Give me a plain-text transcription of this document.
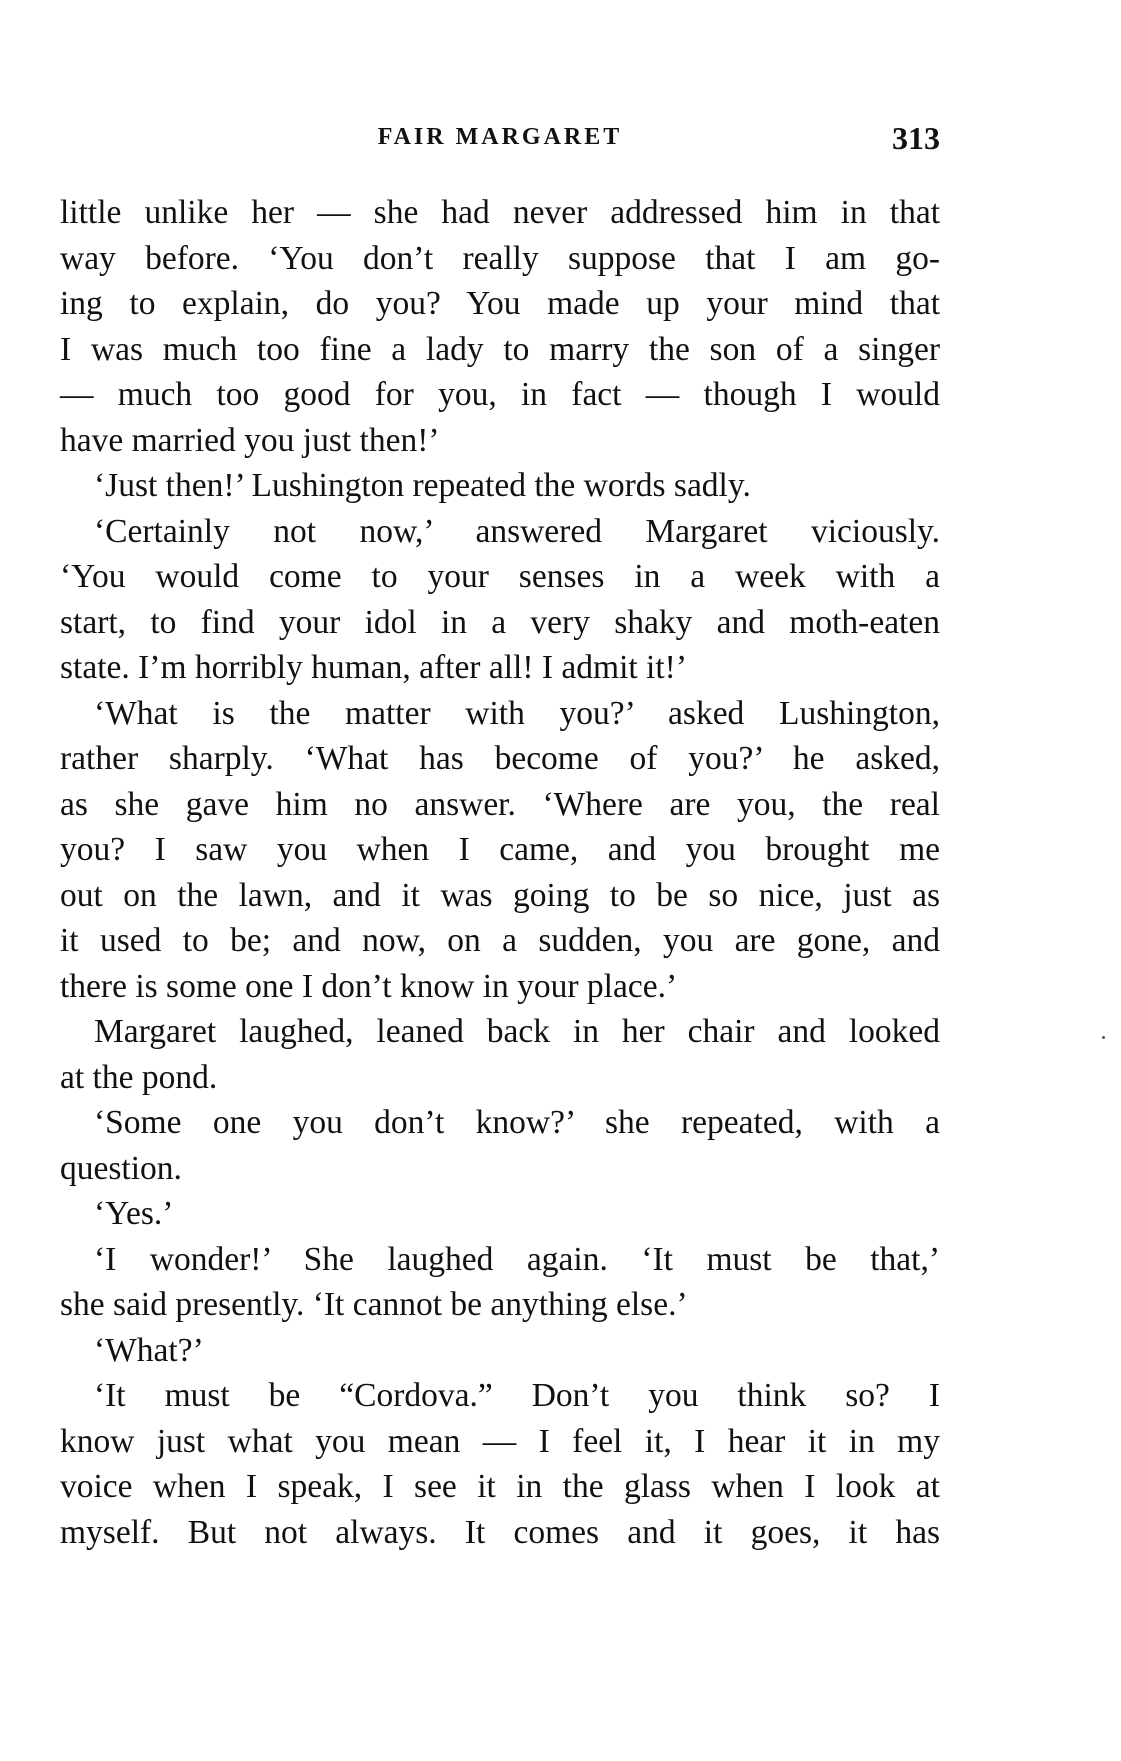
FAIR MARGARET	313
little unlike her — she had never addressed him in that
way before. ‘You don’t really suppose that I am go-
ing to explain, do you? You made up your mind that
I was much too fine a lady to marry the son of a singer
— much too good for you, in fact — though I would
have married you just then!’
‘Just then!’ Lushington repeated the words sadly.
‘Certainly not now,’ answered Margaret viciously.
‘You would come to your senses in a week with a
start, to find your idol in a very shaky and moth-eaten
state. I’m horribly human, after all! I admit it!’
‘What is the matter with you?’ asked Lushington,
rather sharply. ‘What has become of you?’ he asked,
as she gave him no answer. ‘Where are you, the real
you? I saw you when I came, and you brought me
out on the lawn, and it was going to be so nice, just as
it used to be; and now, on a sudden, you are gone, and
there is some one I don’t know in your place.’
Margaret laughed, leaned back in her chair and looked
at the pond.
‘Some one you don’t know?’ she repeated, with a
question.
‘Yes.’
‘I wonder!’ She laughed again. ‘It must be that,’
she said presently. ‘It cannot be anything else.’
‘What?’
‘It must be “Cordova.” Don’t you think so? I
know just what you mean — I feel it, I hear it in my
voice when I speak, I see it in the glass when I look at
myself. But not always. It comes and it goes, it has
